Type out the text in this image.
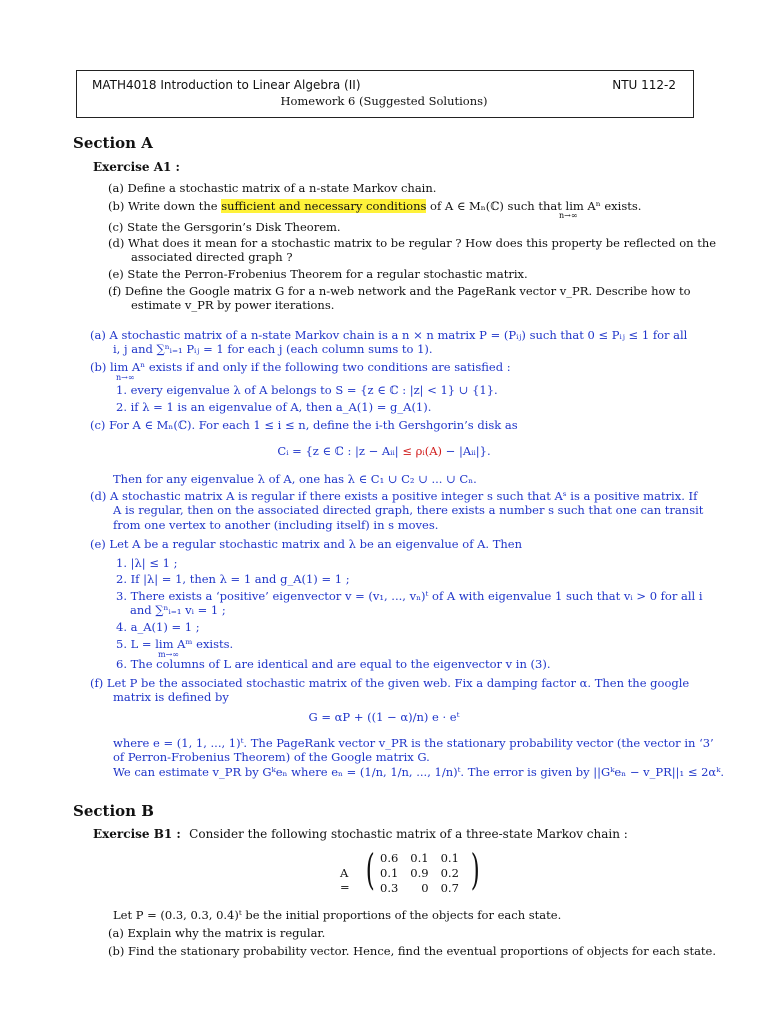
MATH4018 Introduction to Linear Algebra (II)	NTU 112-2
Homework 6 (Suggested Solutions)
Section A
Exercise A1 :
(a) Define a stochastic matrix of a n-state Markov chain.
(b) Write down the sufficient and necessary conditions of A ∈ Mₙ(ℂ) such that lim Aⁿ exists.
n→∞
(c) State the Gersgorin’s Disk Theorem.
(d) What does it mean for a stochastic matrix to be regular ? How does this property be reflected on the
associated directed graph ?
(e) State the Perron-Frobenius Theorem for a regular stochastic matrix.
(f) Define the Google matrix G for a n-web network and the PageRank vector v_PR. Describe how to
estimate v_PR by power iterations.
(a) A stochastic matrix of a n-state Markov chain is a n × n matrix P = (Pᵢⱼ) such that 0 ≤ Pᵢⱼ ≤ 1 for all
i, j and ∑ⁿᵢ₌₁ Pᵢⱼ = 1 for each j (each column sums to 1).
(b) lim Aⁿ exists if and only if the following two conditions are satisfied :
n→∞
1. every eigenvalue λ of A belongs to S = {z ∈ ℂ : |z| < 1} ∪ {1}.
2. if λ = 1 is an eigenvalue of A, then a_A(1) = g_A(1).
(c) For A ∈ Mₙ(ℂ). For each 1 ≤ i ≤ n, define the i-th Gershgorin’s disk as
Cᵢ = {z ∈ ℂ : |z − Aᵢᵢ| ≤ ρᵢ(A) − |Aᵢᵢ|}.
Then for any eigenvalue λ of A, one has λ ∈ C₁ ∪ C₂ ∪ ... ∪ Cₙ.
(d) A stochastic matrix A is regular if there exists a positive integer s such that Aˢ is a positive matrix. If
A is regular, then on the associated directed graph, there exists a number s such that one can transit
from one vertex to another (including itself) in s moves.
(e) Let A be a regular stochastic matrix and λ be an eigenvalue of A. Then
1. |λ| ≤ 1 ;
2. If |λ| = 1, then λ = 1 and g_A(1) = 1 ;
3. There exists a ‘positive’ eigenvector v = (v₁, ..., vₙ)ᵗ of A with eigenvalue 1 such that vᵢ > 0 for all i
and ∑ⁿᵢ₌₁ vᵢ = 1 ;
4. a_A(1) = 1 ;
5. L = lim Aᵐ exists.
m→∞
6. The columns of L are identical and are equal to the eigenvector v in (3).
(f) Let P be the associated stochastic matrix of the given web. Fix a damping factor α. Then the google
matrix is defined by
G = αP + ((1 − α)/n) e · eᵗ
where e = (1, 1, ..., 1)ᵗ. The PageRank vector v_PR is the stationary probability vector (the vector in ‘3’
of Perron-Frobenius Theorem) of the Google matrix G.
We can estimate v_PR by Gᵏeₙ where eₙ = (1/n, 1/n, ..., 1/n)ᵗ. The error is given by ||Gᵏeₙ − v_PR||₁ ≤ 2αᵏ.
Section B
Exercise B1 : Consider the following stochastic matrix of a three-state Markov chain :
A = ( 0.6	0.1	0.1
0.1	0.9	0.2
0.3	0	0.7 )
Let P = (0.3, 0.3, 0.4)ᵗ be the initial proportions of the objects for each state.
(a) Explain why the matrix is regular.
(b) Find the stationary probability vector. Hence, find the eventual proportions of objects for each state.
